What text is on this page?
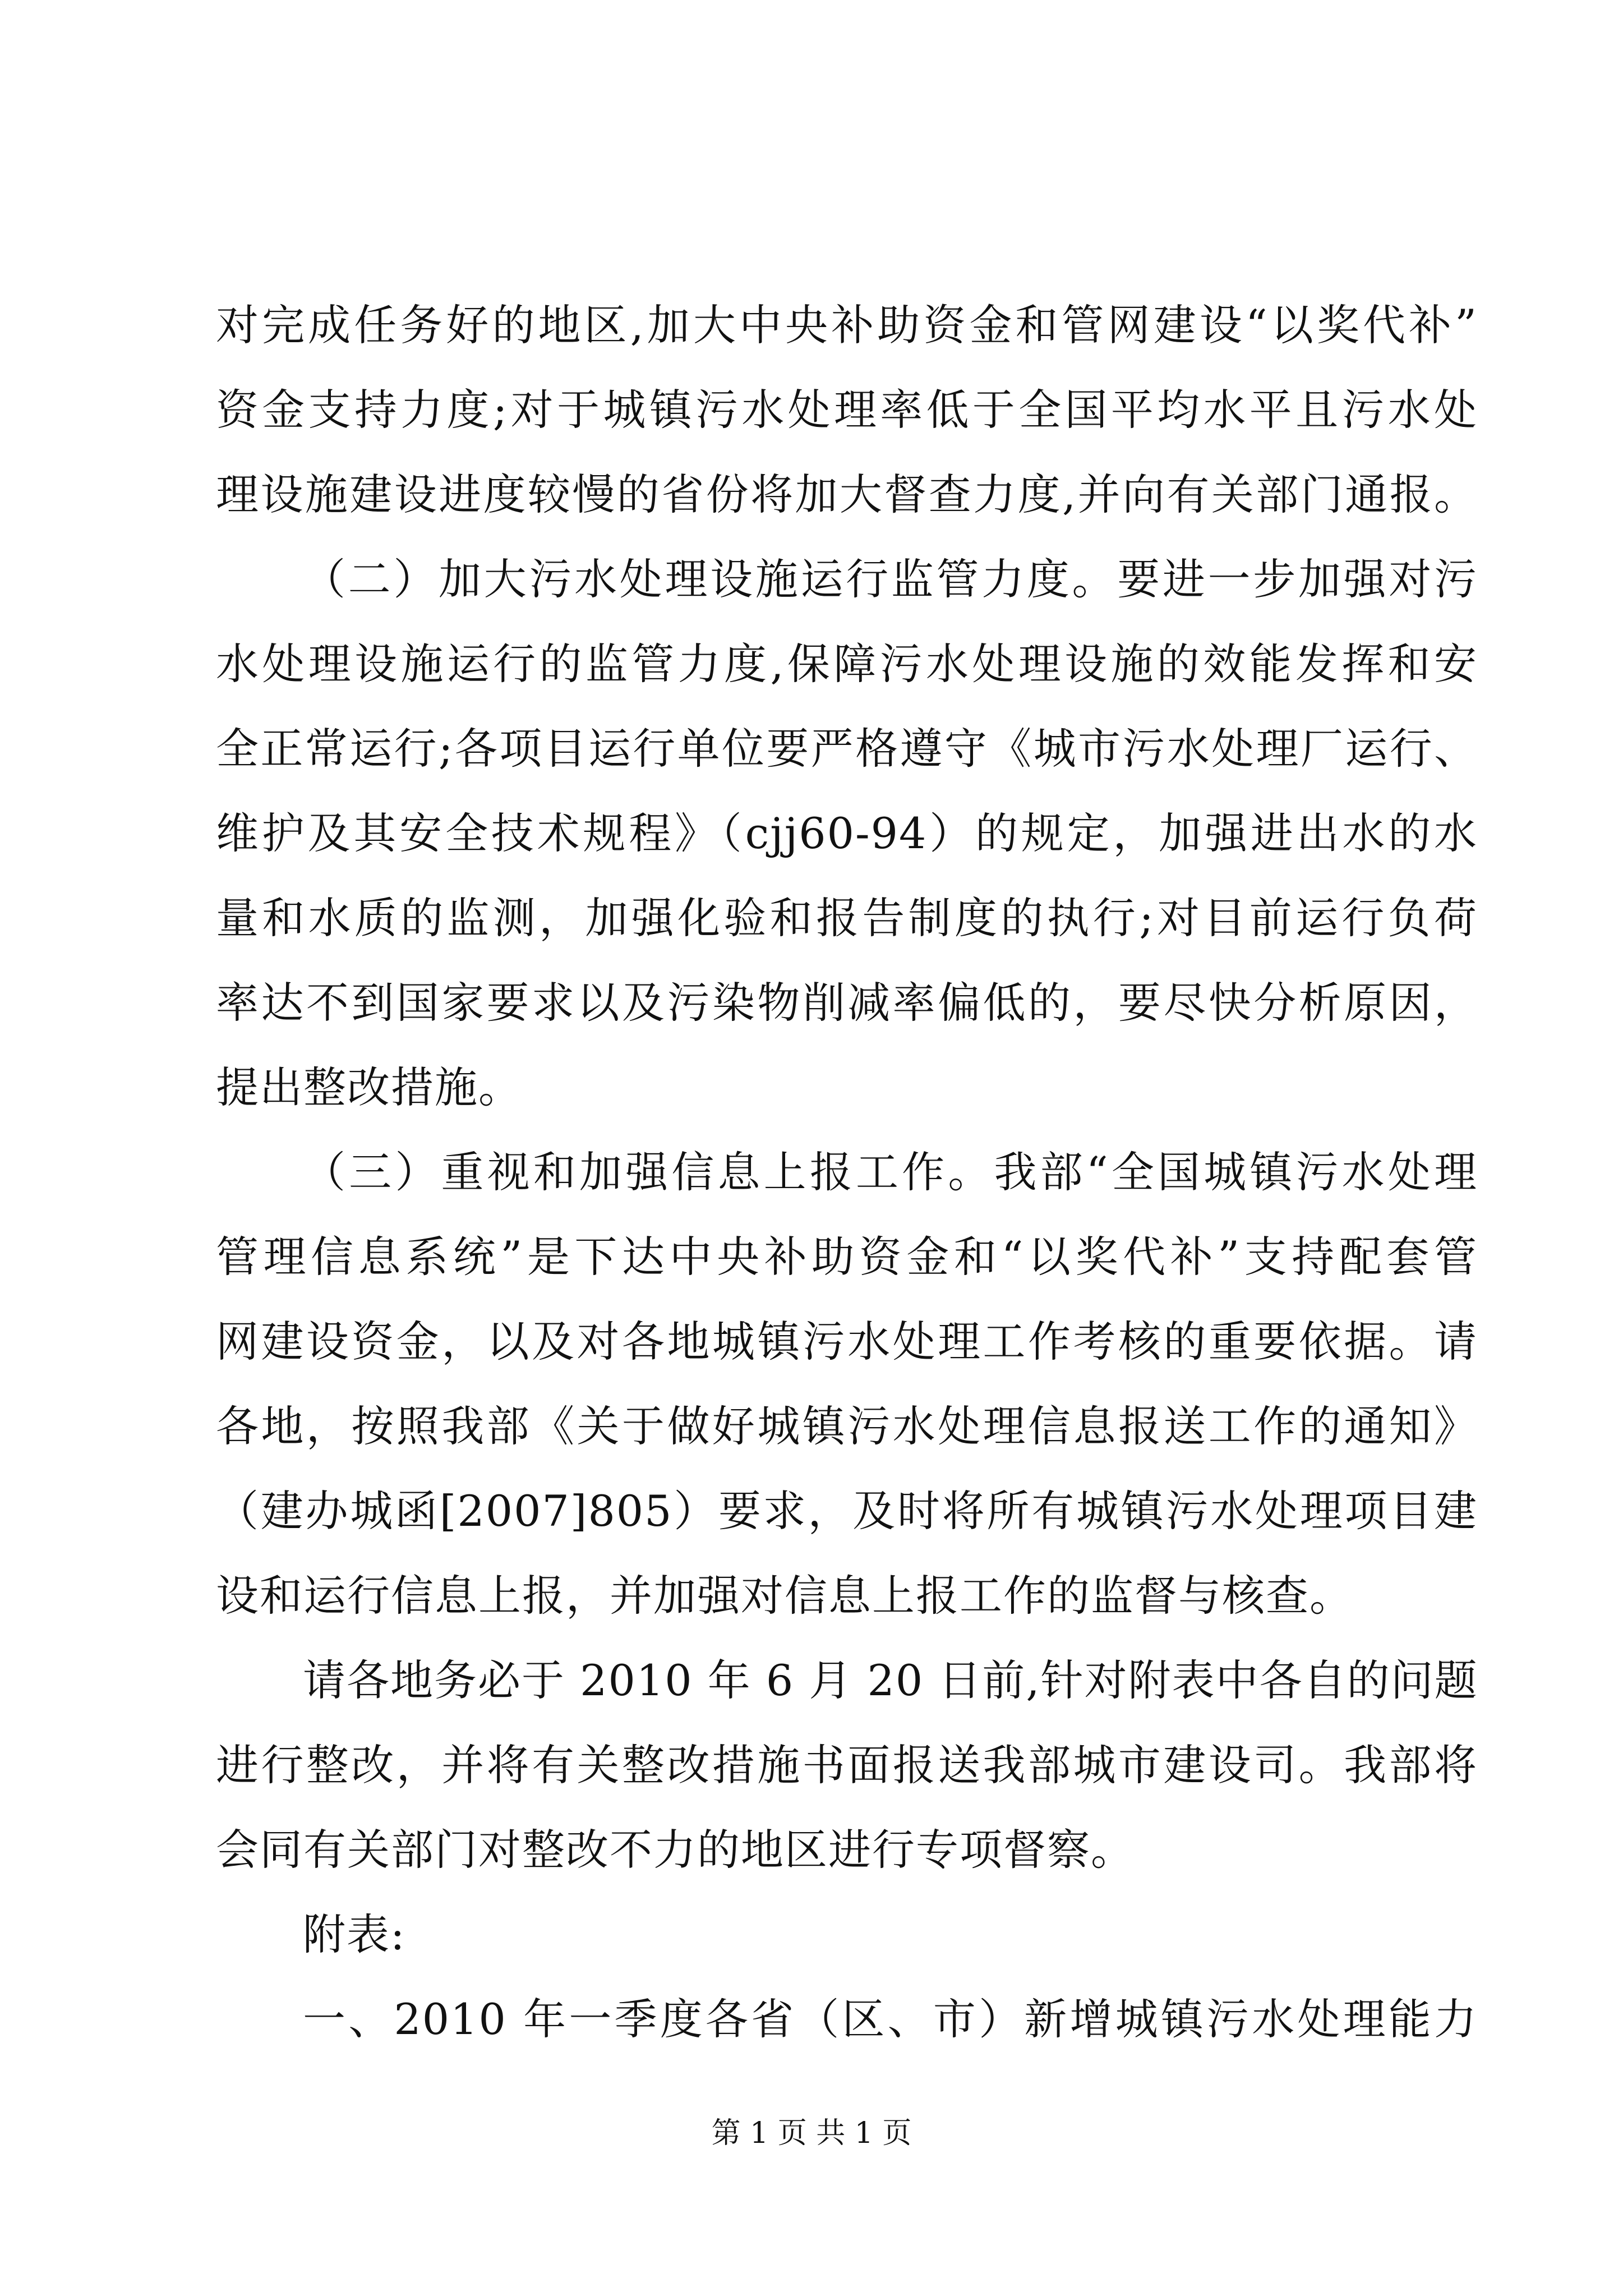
对完成任务好的地区,加大中央补助资金和管网建设“以奖代补”
资金支持力度;对于城镇污水处理率低于全国平均水平且污水处
理设施建设进度较慢的省份将加大督查力度,并向有关部门通报。
（二）加大污水处理设施运行监管力度。要进一步加强对污
水处理设施运行的监管力度,保障污水处理设施的效能发挥和安
全正常运行;各项目运行单位要严格遵守《城市污水处理厂运行、
维护及其安全技术规程》（cjj60-94）的规定，加强进出水的水
量和水质的监测，加强化验和报告制度的执行;对目前运行负荷
率达不到国家要求以及污染物削减率偏低的，要尽快分析原因，
提出整改措施。
（三）重视和加强信息上报工作。我部“全国城镇污水处理
管理信息系统”是下达中央补助资金和“以奖代补”支持配套管
网建设资金，以及对各地城镇污水处理工作考核的重要依据。请
各地，按照我部《关于做好城镇污水处理信息报送工作的通知》
（建办城函[2007]805）要求，及时将所有城镇污水处理项目建
设和运行信息上报，并加强对信息上报工作的监督与核查。
请各地务必于 2010 年 6 月 20 日前,针对附表中各自的问题
进行整改，并将有关整改措施书面报送我部城市建设司。我部将
会同有关部门对整改不力的地区进行专项督察。
附表:
一、2010 年一季度各省（区、市）新增城镇污水处理能力
第 1 页 共 1 页
